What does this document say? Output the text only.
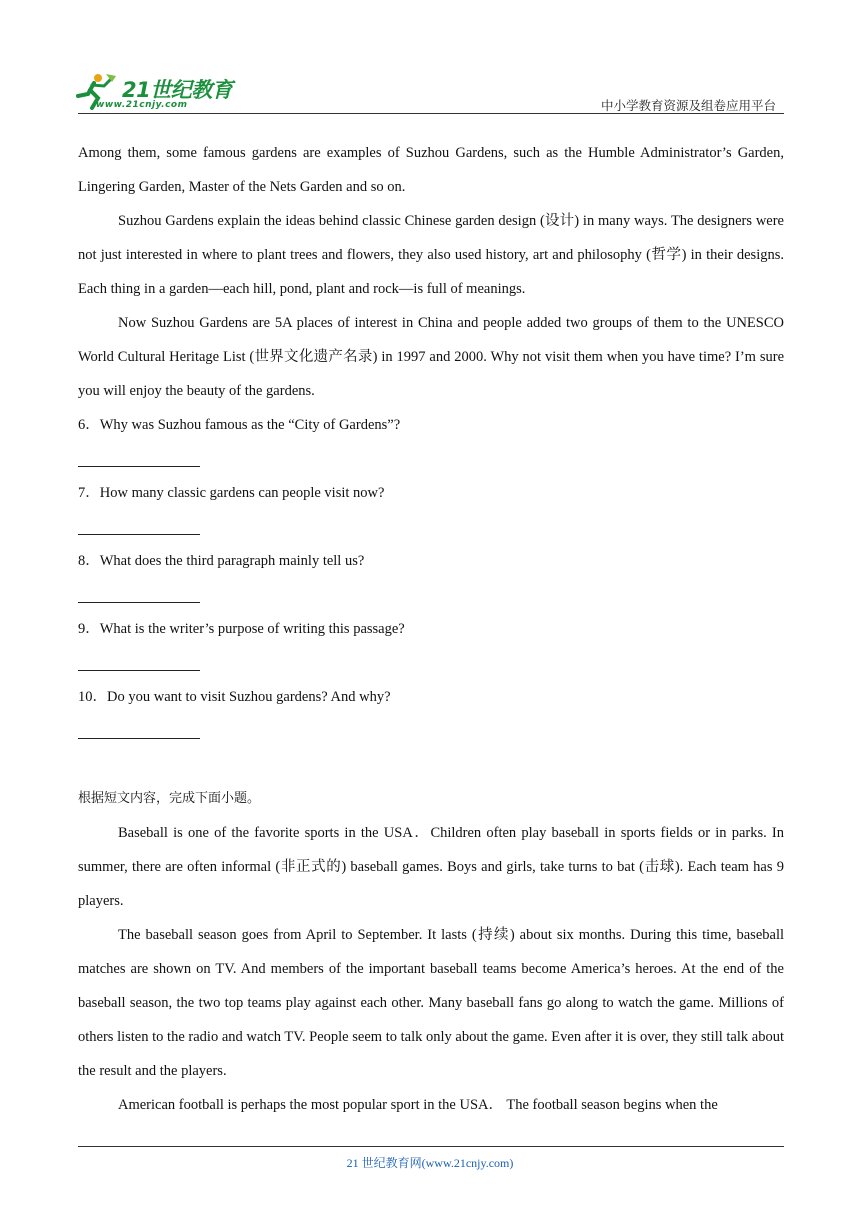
21世纪教育
www.21cnjy.com	中小学教育资源及组卷应用平台

Among them, some famous gardens are examples of Suzhou Gardens, such as the Humble Administrator’s Garden, Lingering Garden, Master of the Nets Garden and so on.

Suzhou Gardens explain the ideas behind classic Chinese garden design (设计) in many ways. The designers were not just interested in where to plant trees and flowers, they also used history, art and philosophy (哲学) in their designs. Each thing in a garden—each hill, pond, plant and rock—is full of meanings.

Now Suzhou Gardens are 5A places of interest in China and people added two groups of them to the UNESCO World Cultural Heritage List (世界文化遗产名录) in 1997 and 2000. Why not visit them when you have time? I’m sure you will enjoy the beauty of the gardens.

6．Why was Suzhou famous as the “City of Gardens”?
7．How many classic gardens can people visit now?
8．What does the third paragraph mainly tell us?
9．What is the writer’s purpose of writing this passage?
10．Do you want to visit Suzhou gardens? And why?

根据短文内容，完成下面小题。

Baseball is one of the favorite sports in the USA．Children often play baseball in sports fields or in parks. In summer, there are often informal (非正式的) baseball games. Boys and girls, take turns to bat (击球). Each team has 9 players.

The baseball season goes from April to September. It lasts (持续) about six months. During this time, baseball matches are shown on TV. And members of the important baseball teams become America’s heroes. At the end of the baseball season, the two top teams play against each other. Many baseball fans go along to watch the game. Millions of others listen to the radio and watch TV. People seem to talk only about the game. Even after it is over, they still talk about the result and the players.

American football is perhaps the most popular sport in the USA． The football season begins when the

21 世纪教育网(www.21cnjy.com)
